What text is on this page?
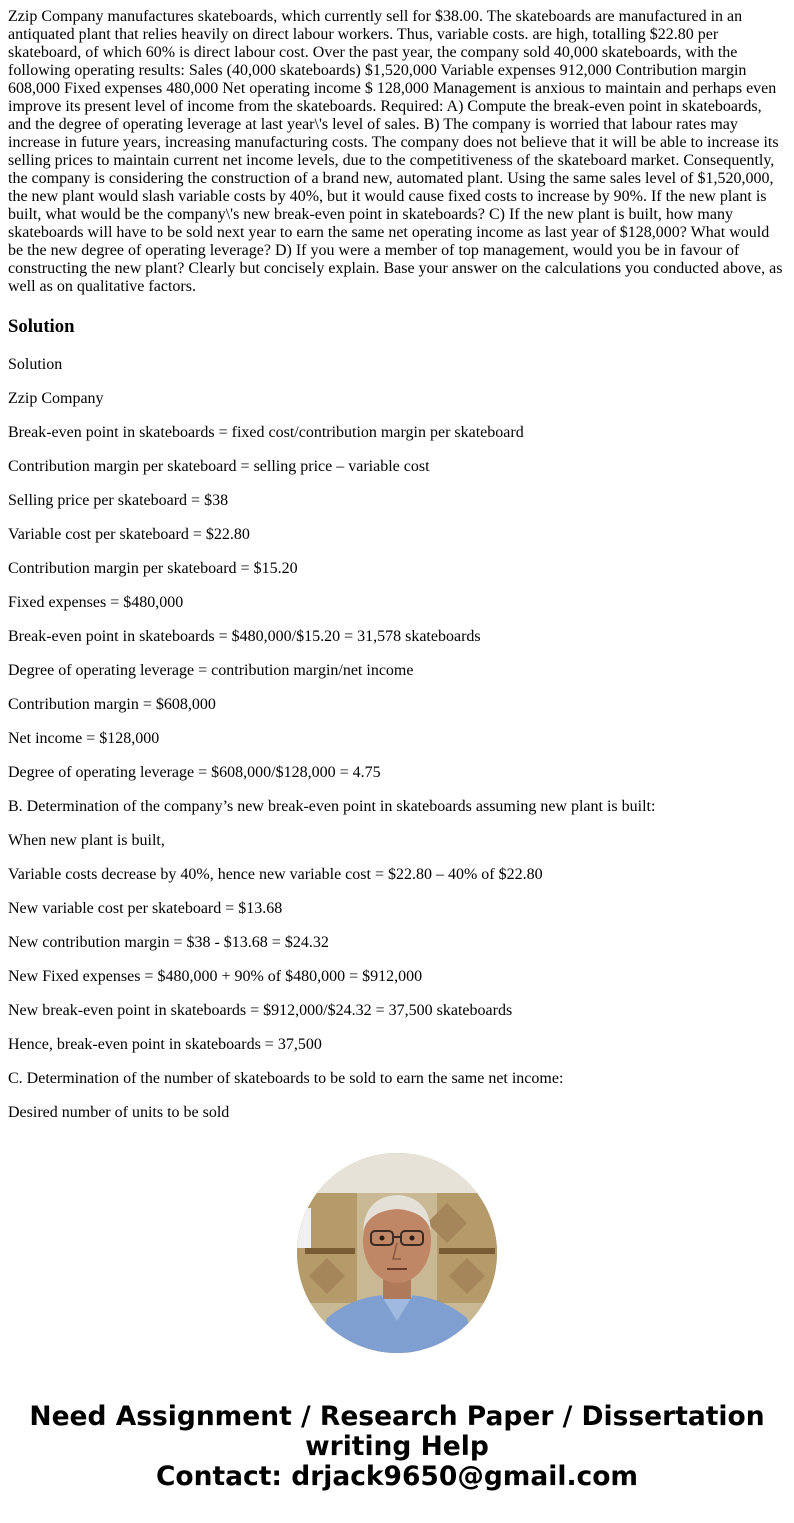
Zzip Company manufactures skateboards, which currently sell for $38.00. The skateboards are manufactured in an antiquated plant that relies heavily on direct labour workers. Thus, variable costs. are high, totalling $22.80 per skateboard, of which 60% is direct labour cost. Over the past year, the company sold 40,000 skateboards, with the following operating results: Sales (40,000 skateboards) $1,520,000 Variable expenses 912,000 Contribution margin 608,000 Fixed expenses 480,000 Net operating income $ 128,000 Management is anxious to maintain and perhaps even improve its present level of income from the skateboards. Required: A) Compute the break-even point in skateboards, and the degree of operating leverage at last year\'s level of sales. B) The company is worried that labour rates may increase in future years, increasing manufacturing costs. The company does not believe that it will be able to increase its selling prices to maintain current net income levels, due to the competitiveness of the skateboard market. Consequently, the company is considering the construction of a brand new, automated plant. Using the same sales level of $1,520,000, the new plant would slash variable costs by 40%, but it would cause fixed costs to increase by 90%. If the new plant is built, what would be the company\'s new break-even point in skateboards? C) If the new plant is built, how many skateboards will have to be sold next year to earn the same net operating income as last year of $128,000? What would be the new degree of operating leverage? D) If you were a member of top management, would you be in favour of constructing the new plant? Clearly but concisely explain. Base your answer on the calculations you conducted above, as well as on qualitative factors.

Solution

Solution

Zzip Company

Break-even point in skateboards = fixed cost/contribution margin per skateboard

Contribution margin per skateboard = selling price – variable cost

Selling price per skateboard = $38

Variable cost per skateboard = $22.80

Contribution margin per skateboard = $15.20

Fixed expenses = $480,000

Break-even point in skateboards = $480,000/$15.20 = 31,578 skateboards

Degree of operating leverage = contribution margin/net income

Contribution margin = $608,000

Net income = $128,000

Degree of operating leverage = $608,000/$128,000 = 4.75

B. Determination of the company’s new break-even point in skateboards assuming new plant is built:

When new plant is built,

Variable costs decrease by 40%, hence new variable cost = $22.80 – 40% of $22.80

New variable cost per skateboard = $13.68

New contribution margin = $38 - $13.68 = $24.32

New Fixed expenses = $480,000 + 90% of $480,000 = $912,000

New break-even point in skateboards = $912,000/$24.32 = 37,500 skateboards

Hence, break-even point in skateboards = 37,500

C. Determination of the number of skateboards to be sold to earn the same net income:

Desired number of units to be sold

Need Assignment / Research Paper / Dissertation
writing Help
Contact: drjack9650@gmail.com
